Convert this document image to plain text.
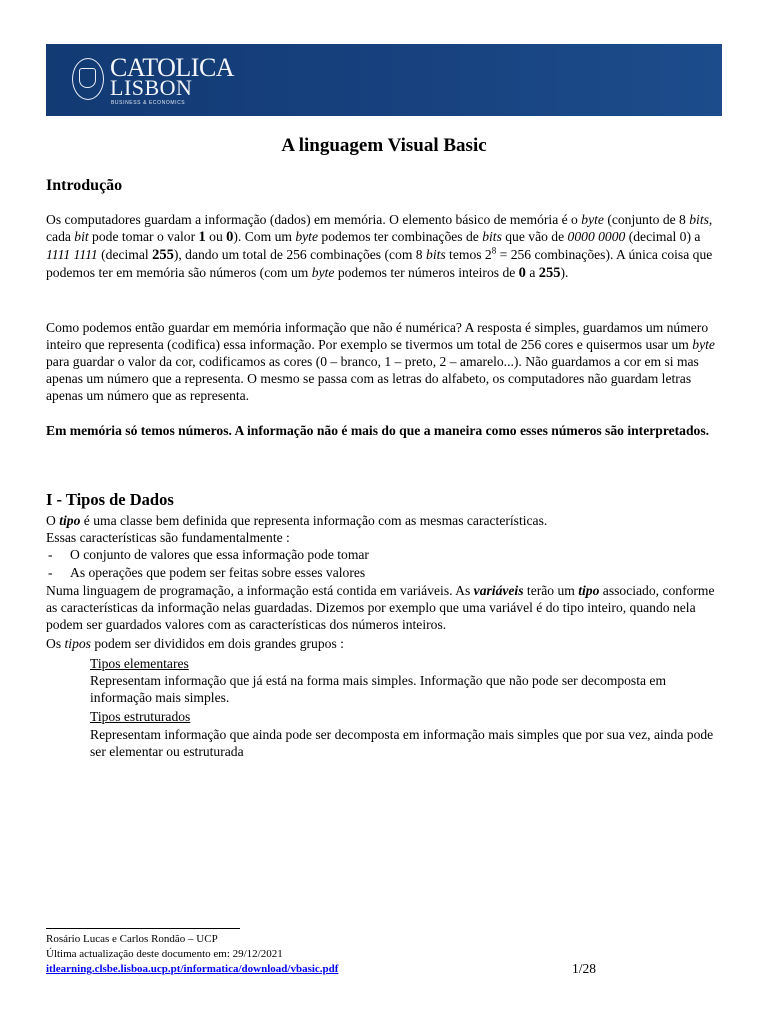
CATOLICA
LISBON
BUSINESS & ECONOMICS
A linguagem Visual Basic
Introdução

Os computadores guardam a informação (dados) em memória. O elemento básico de memória é o byte (conjunto de 8 bits, cada bit pode tomar o valor 1 ou 0). Com um byte podemos ter combinações de bits que vão de 0000 0000 (decimal 0) a 1111 1111 (decimal 255), dando um total de 256 combinações (com 8 bits temos $2^8 = 256$ combinações). A única coisa que podemos ter em memória são números (com um byte podemos ter números inteiros de 0 a 255).

Como podemos então guardar em memória informação que não é numérica? A resposta é simples, guardamos um número inteiro que representa (codifica) essa informação. Por exemplo se tivermos um total de 256 cores e quisermos usar um byte para guardar o valor da cor, codificamos as cores (0 – branco, 1 – preto, 2 – amarelo...). Não guardamos a cor em si mas apenas um número que a representa. O mesmo se passa com as letras do alfabeto, os computadores não guardam letras apenas um número que as representa.

Em memória só temos números. A informação não é mais do que a maneira como esses números são interpretados.

I - Tipos de Dados

O tipo é uma classe bem definida que representa informação com as mesmas características.

Essas características são fundamentalmente :

- O conjunto de valores que essa informação pode tomar
- As operações que podem ser feitas sobre esses valores

Numa linguagem de programação, a informação está contida em variáveis. As variáveis terão um tipo associado, conforme as características da informação nelas guardadas. Dizemos por exemplo que uma variável é do tipo inteiro, quando nela podem ser guardados valores com as características dos números inteiros.

Os tipos podem ser divididos em dois grandes grupos :

Tipos elementares

Representam informação que já está na forma mais simples. Informação que não pode ser decomposta em informação mais simples.

Tipos estruturados

Representam informação que ainda pode ser decomposta em informação mais simples que por sua vez, ainda pode ser elementar ou estruturada

Rosário Lucas e Carlos Rondão – UCP
Última actualização deste documento em: 29/12/2021
itlearning.clsbe.lisboa.ucp.pt/informatica/download/vbasic.pdf	1/28
